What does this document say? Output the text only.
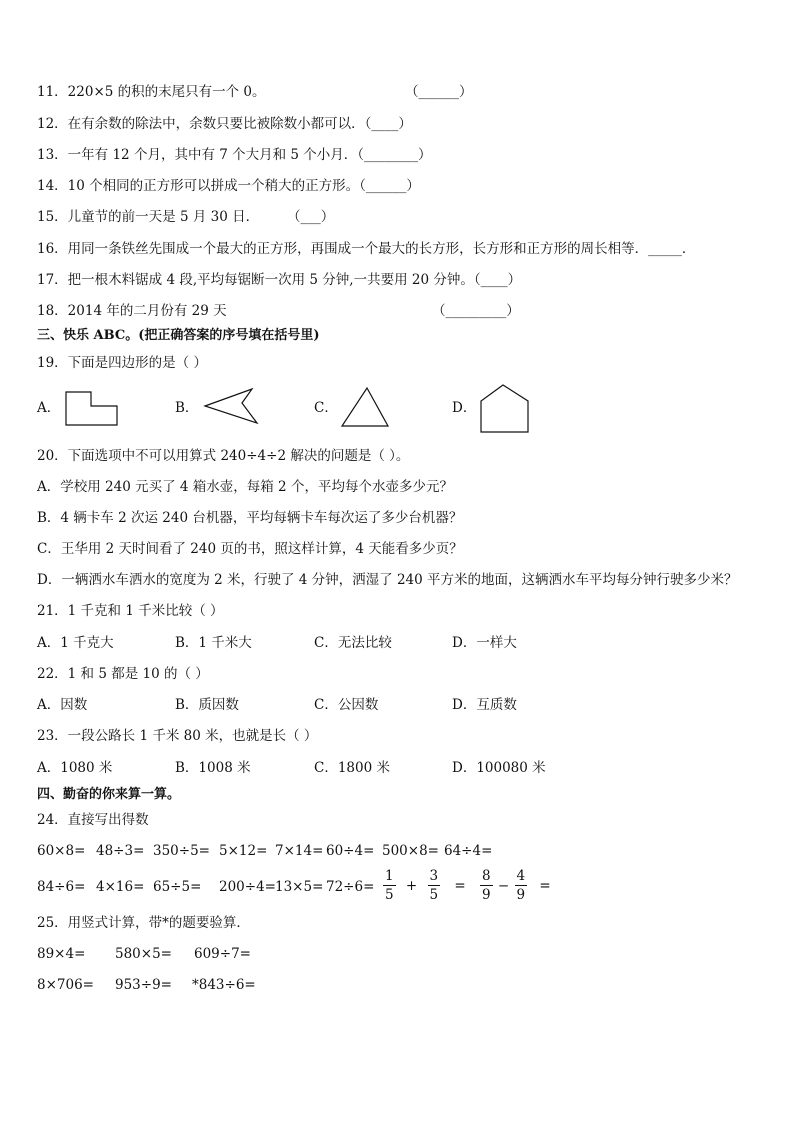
11．220×5 的积的末尾只有一个 0。	（______）
12．在有余数的除法中，余数只要比被除数小都可以．（____）
13．一年有 12 个月，其中有 7 个大月和 5 个小月．（________）
14．10 个相同的正方形可以拼成一个稍大的正方形。（______）
15．儿童节的前一天是 5 月 30 日． （___）
16．用同一条铁丝先围成一个最大的正方形，再围成一个最大的长方形，长方形和正方形的周长相等．_____．
17．把一根木料锯成 4 段,平均每锯断一次用 5 分钟,一共要用 20 分钟。（____）
18．2014 年的二月份有 29 天	（_________）
三、快乐 ABC。(把正确答案的序号填在括号里)
19．下面是四边形的是（ ）
A．	B．	C．	D．
20．下面选项中不可以用算式 240÷4÷2 解决的问题是（ ）。
A．学校用 240 元买了 4 箱水壶，每箱 2 个，平均每个水壶多少元？
B．4 辆卡车 2 次运 240 台机器，平均每辆卡车每次运了多少台机器？
C．王华用 2 天时间看了 240 页的书，照这样计算，4 天能看多少页？
D．一辆洒水车洒水的宽度为 2 米，行驶了 4 分钟，洒湿了 240 平方米的地面，这辆洒水车平均每分钟行驶多少米？
21．1 千克和 1 千米比较（ ）
A．1 千克大	B．1 千米大	C．无法比较	D．一样大
22．1 和 5 都是 10 的（ ）
A．因数	B．质因数	C．公因数	D．互质数
23．一段公路长 1 千米 80 米，也就是长（ ）
A．1080 米	B．1008 米	C．1800 米	D．100080 米
四、勤奋的你来算一算。
24．直接写出得数
60×8= 48÷3= 350÷5= 5×12= 7×14= 60÷4= 500×8= 64÷4=
$84\div 6= 4\times 16= 65\div 5= 200\div 4= 13\times 5= 72\div 6= \frac{1}{5} + \frac{3}{5} = \frac{8}{9} - \frac{4}{9}$ =
25．用竖式计算，带*的题要验算．
89×4= 580×5= 609÷7=
8×706= 953÷9= *843÷6=
